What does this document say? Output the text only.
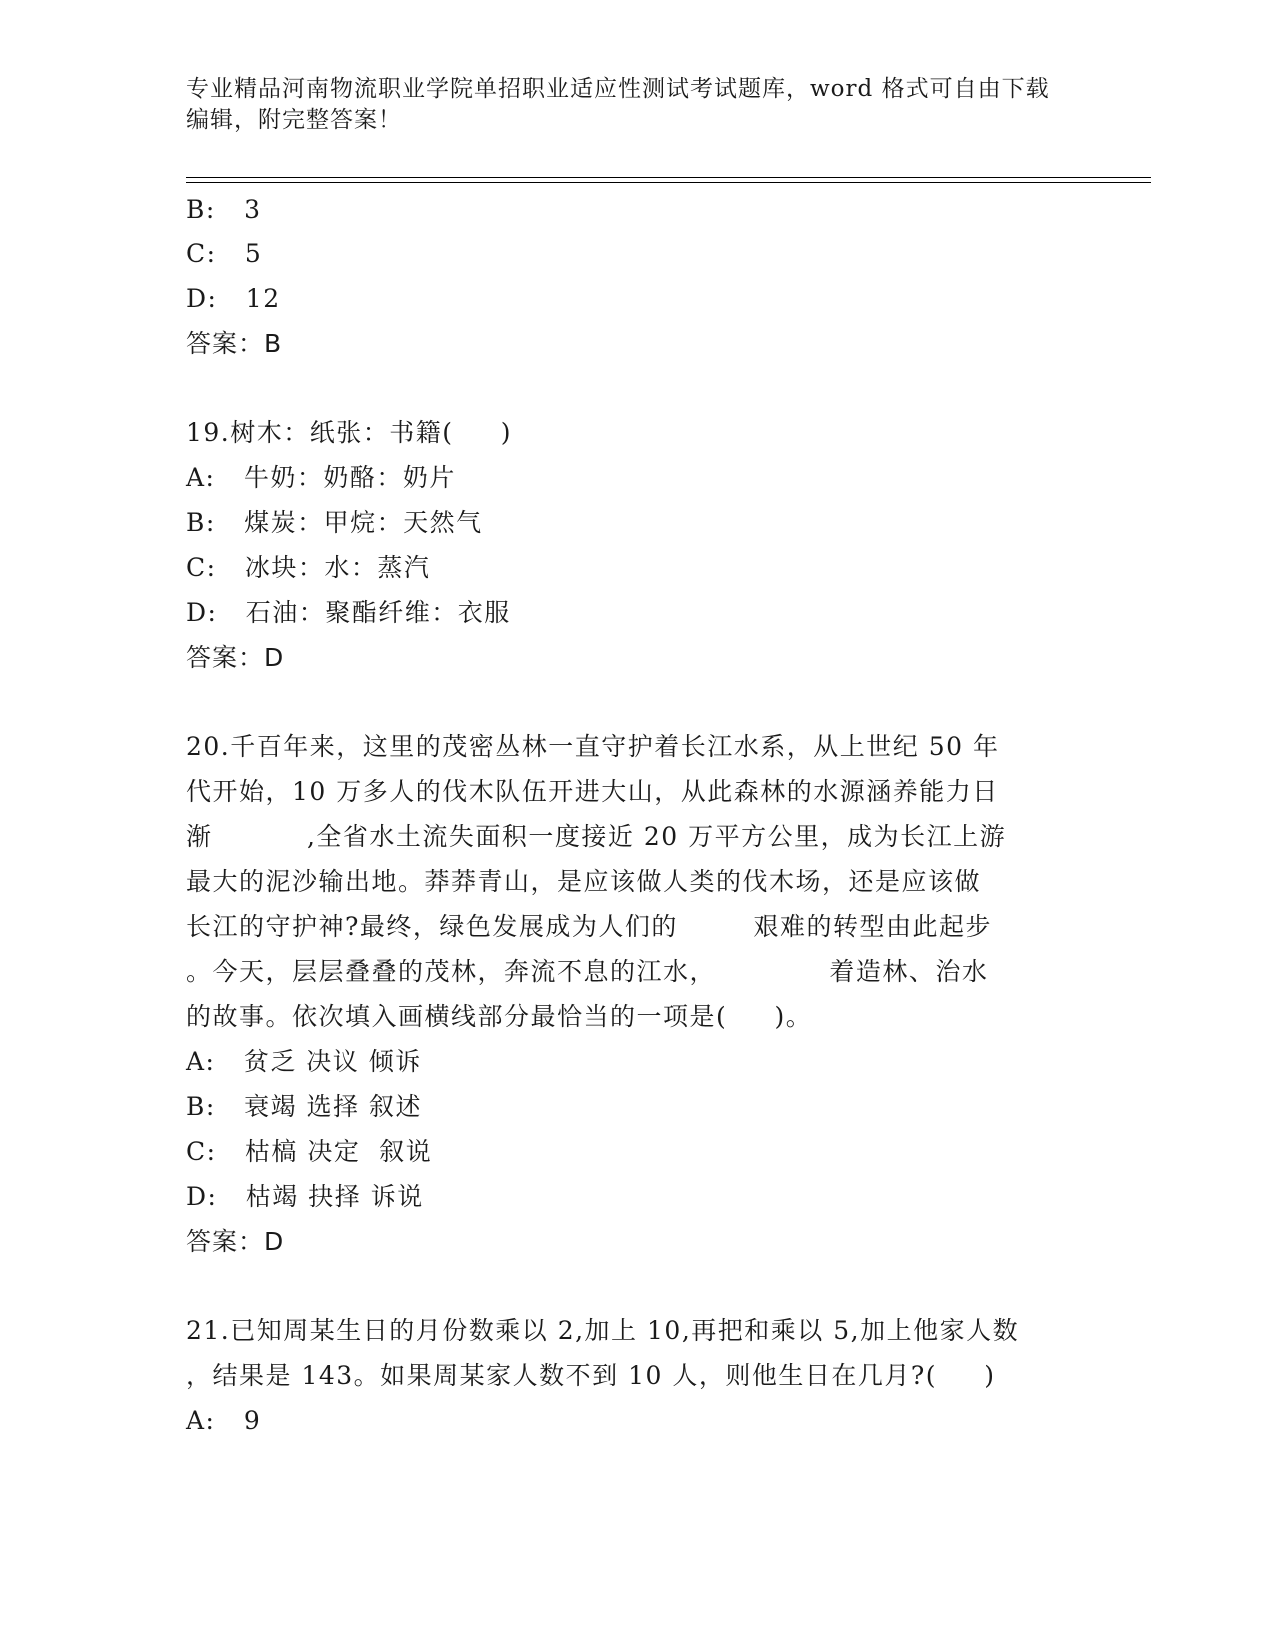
专业精品河南物流职业学院单招职业适应性测试考试题库，word 格式可自由下载
编辑，附完整答案！
B:   3
C:   5
D:   12
答案：B
19.树木：纸张：书籍(     )
A:   牛奶：奶酪：奶片
B:   煤炭：甲烷：天然气
C:   冰块：水：蒸汽
D:   石油：聚酯纤维：衣服
答案：D
20.千百年来，这里的茂密丛林一直守护着长江水系，从上世纪 50 年
代开始，10 万多人的伐木队伍开进大山，从此森林的水源涵养能力日
渐          ,全省水土流失面积一度接近 20 万平方公里，成为长江上游
最大的泥沙输出地。莽莽青山，是应该做人类的伐木场，还是应该做
长江的守护神?最终，绿色发展成为人们的        艰难的转型由此起步
。今天，层层叠叠的茂林，奔流不息的江水，            着造林、治水
的故事。依次填入画横线部分最恰当的一项是(     )。
A:   贫乏 决议 倾诉
B:   衰竭 选择 叙述
C:   枯槁 决定  叙说
D:   枯竭 抉择 诉说
答案：D
21.已知周某生日的月份数乘以 2,加上 10,再把和乘以 5,加上他家人数
，结果是 143。如果周某家人数不到 10 人，则他生日在几月?(     )
A:   9
